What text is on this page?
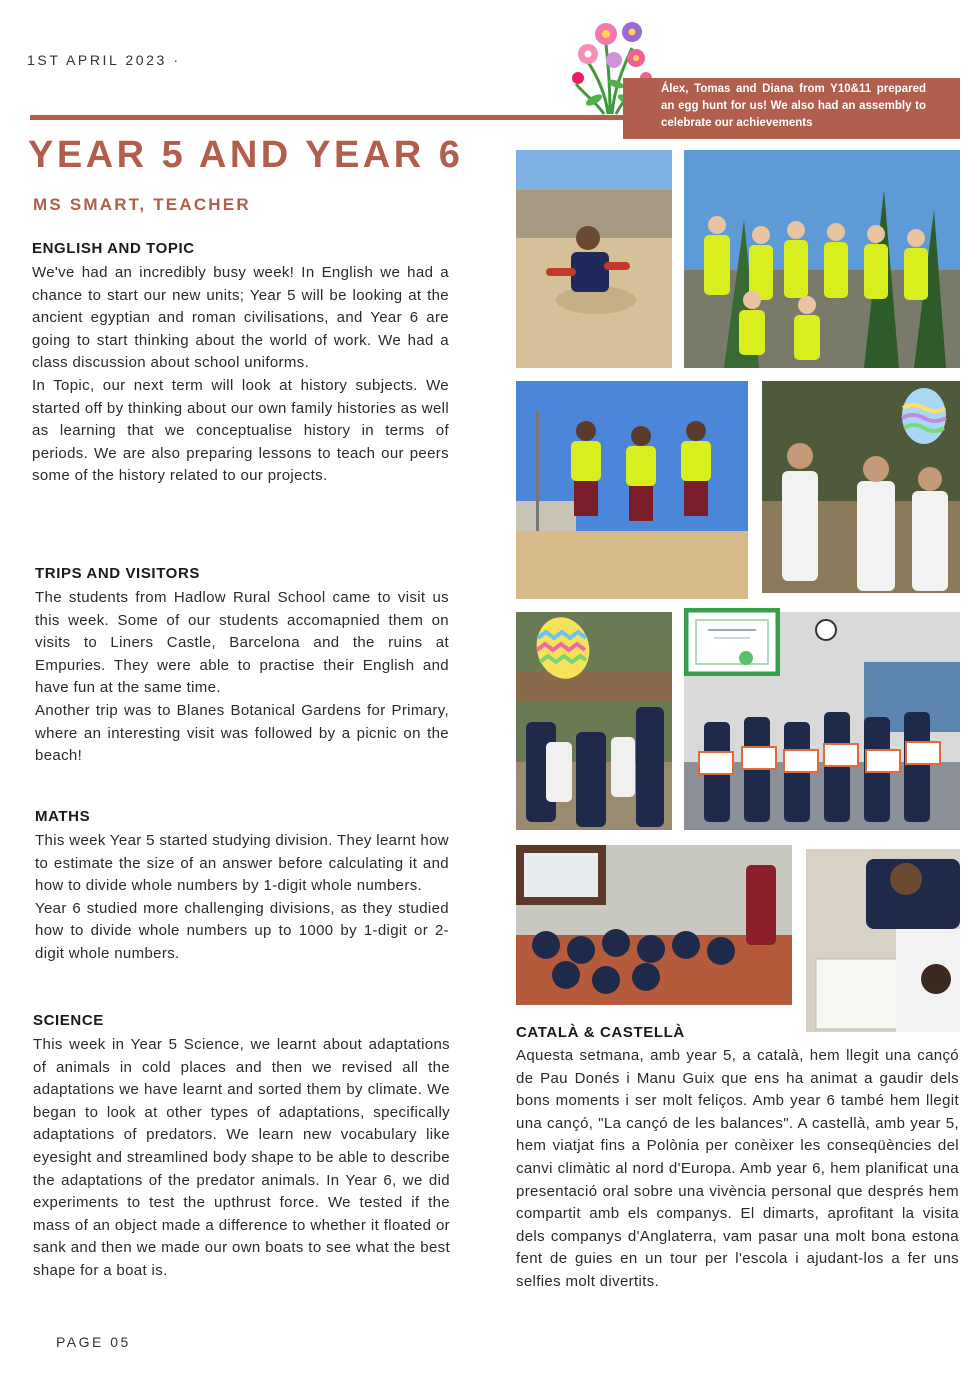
1ST APRIL 2023 ·
Álex, Tomas and Diana from Y10&11 prepared an egg hunt for us! We also had an assembly to celebrate our achievements
YEAR 5 AND YEAR 6
MS SMART, TEACHER
ENGLISH AND TOPIC

We've had an incredibly busy week! In English we had a chance to start our new units; Year 5 will be looking at the ancient egyptian and roman civilisations, and Year 6 are going to start thinking about the world of work. We had a class discussion about school uniforms.

In Topic, our next term will look at history subjects. We started off by thinking about our own family histories as well as learning that we conceptualise history in terms of periods. We are also preparing lessons to teach our peers some of the history related to our projects.

TRIPS AND VISITORS

The students from Hadlow Rural School came to visit us this week. Some of our students accomapnied them on visits to Liners Castle, Barcelona and the ruins at Empuries. They were able to practise their English and have fun at the same time.

Another trip was to Blanes Botanical Gardens for Primary, where an interesting visit was followed by a picnic on the beach!

MATHS

This week Year 5 started studying division. They learnt how to estimate the size of an answer before calculating it and how to divide whole numbers by 1-digit whole numbers.

Year 6 studied more challenging divisions, as they studied how to divide whole numbers up to 1000 by 1-digit or 2-digit whole numbers.

SCIENCE

This week in Year 5 Science, we learnt about adaptations of animals in cold places and then we revised all the adaptations we have learnt and sorted them by climate. We began to look at other types of adaptations, specifically adaptations of predators. We learn new vocabulary like eyesight and streamlined body shape to be able to describe the adaptations of the predator animals. In Year 6, we did experiments to test the upthrust force. We tested if the mass of an object made a difference to whether it floated or sank and then we made our own boats to see what the best shape for a boat is.

CATALÀ & CASTELLÀ

Aquesta setmana, amb year 5, a català, hem llegit una cançó de Pau Donés i Manu Guix que ens ha animat a gaudir dels bons moments i ser molt feliços. Amb year 6 també hem llegit una cançó, "La cançó de les balances". A castellà, amb year 5, hem viatjat fins a Polònia per conèixer les conseqüències del canvi climàtic al nord d'Europa. Amb year 6, hem planificat una presentació oral sobre una vivència personal que després hem compartit amb els companys. El dimarts, aprofitant la visita dels companys d'Anglaterra, vam pasar una molt bona estona fent de guies en un tour per l'escola i ajudant-los a fer uns selfies molt divertits.

PAGE 05
